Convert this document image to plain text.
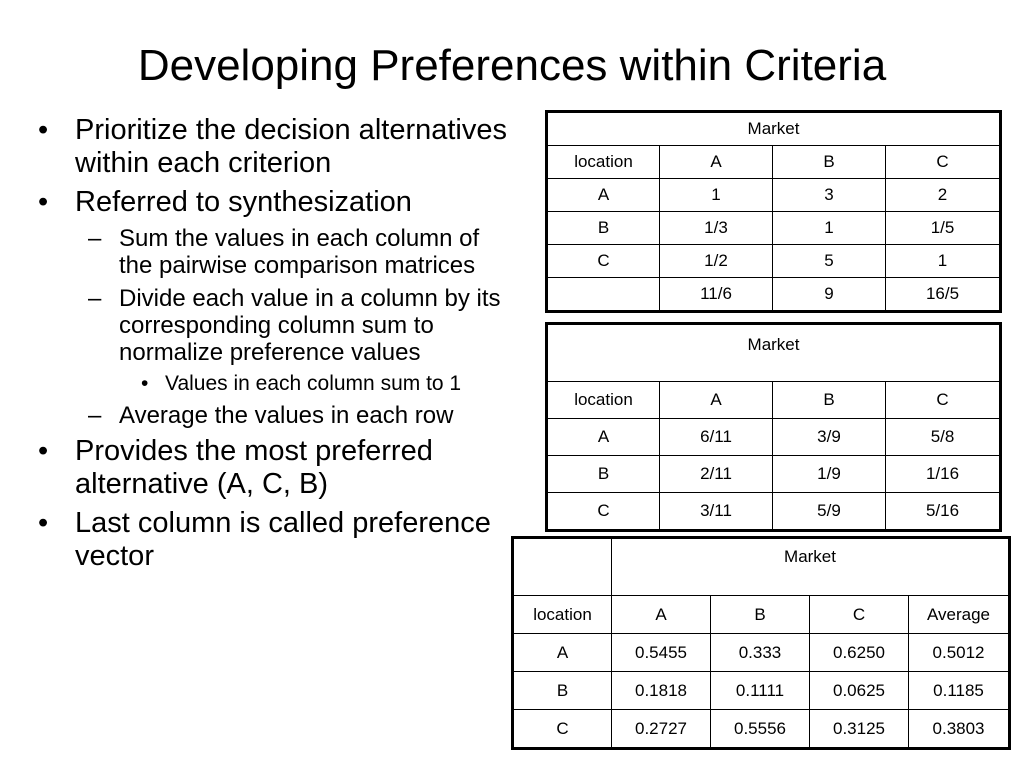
Developing Preferences within Criteria
• Prioritize the decision alternatives within each criterion
• Referred to synthesization
– Sum the values in each column of the pairwise comparison matrices
– Divide each value in a column by its corresponding column sum to normalize preference values
• Values in each column sum to 1
– Average the values in each row
• Provides the most preferred alternative (A, C, B)
• Last column is called preference vector
Market			
location	A	B	C
A	1	3	2
B	1/3	1	1/5
C	1/2	5	1
	11/6	9	16/5
Market			
location	A	B	C
A	6/11	3/9	5/8
B	2/11	1/9	1/16
C	3/11	5/9	5/16
	Market			
location	A	B	C	Average
A	0.5455	0.333	0.6250	0.5012
B	0.1818	0.1111	0.0625	0.1185
C	0.2727	0.5556	0.3125	0.3803
